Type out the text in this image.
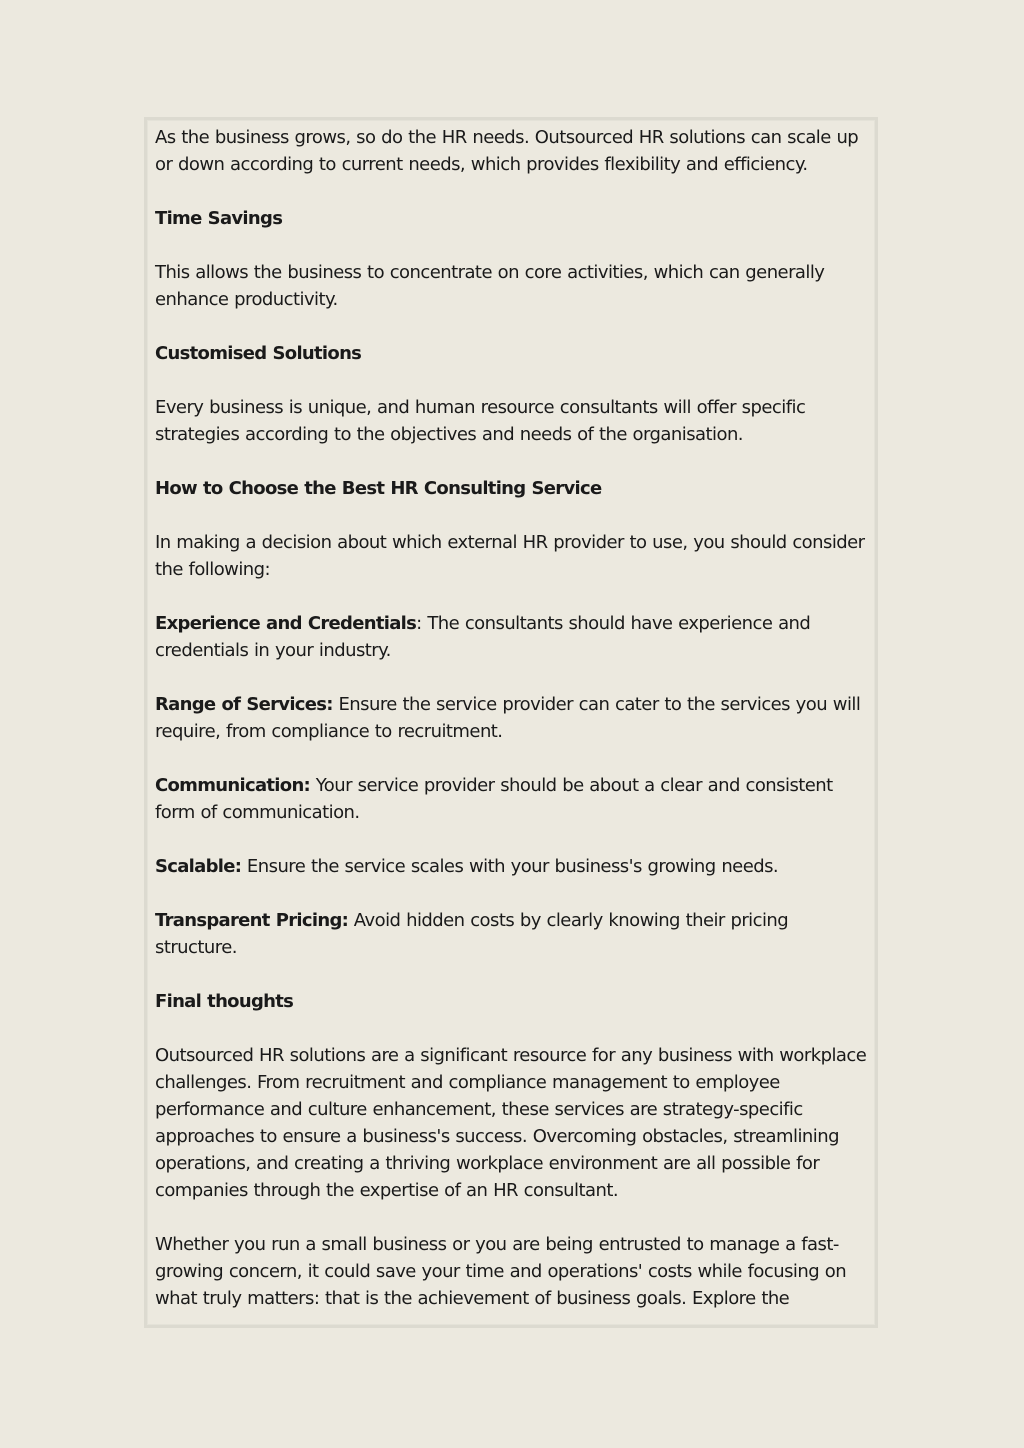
As the business grows, so do the HR needs. Outsourced HR solutions can scale up or down according to current needs, which provides flexibility and efficiency.

Time Savings

This allows the business to concentrate on core activities, which can generally enhance productivity.

Customised Solutions

Every business is unique, and human resource consultants will offer specific strategies according to the objectives and needs of the organisation.

How to Choose the Best HR Consulting Service

In making a decision about which external HR provider to use, you should consider the following:

Experience and Credentials: The consultants should have experience and credentials in your industry.

Range of Services: Ensure the service provider can cater to the services you will require, from compliance to recruitment.

Communication: Your service provider should be about a clear and consistent form of communication.

Scalable: Ensure the service scales with your business's growing needs.

Transparent Pricing: Avoid hidden costs by clearly knowing their pricing structure.

Final thoughts

Outsourced HR solutions are a significant resource for any business with workplace challenges. From recruitment and compliance management to employee performance and culture enhancement, these services are strategy-specific approaches to ensure a business's success. Overcoming obstacles, streamlining operations, and creating a thriving workplace environment are all possible for companies through the expertise of an HR consultant.

Whether you run a small business or you are being entrusted to manage a fast-growing concern, it could save your time and operations' costs while focusing on what truly matters: that is the achievement of business goals. Explore the
